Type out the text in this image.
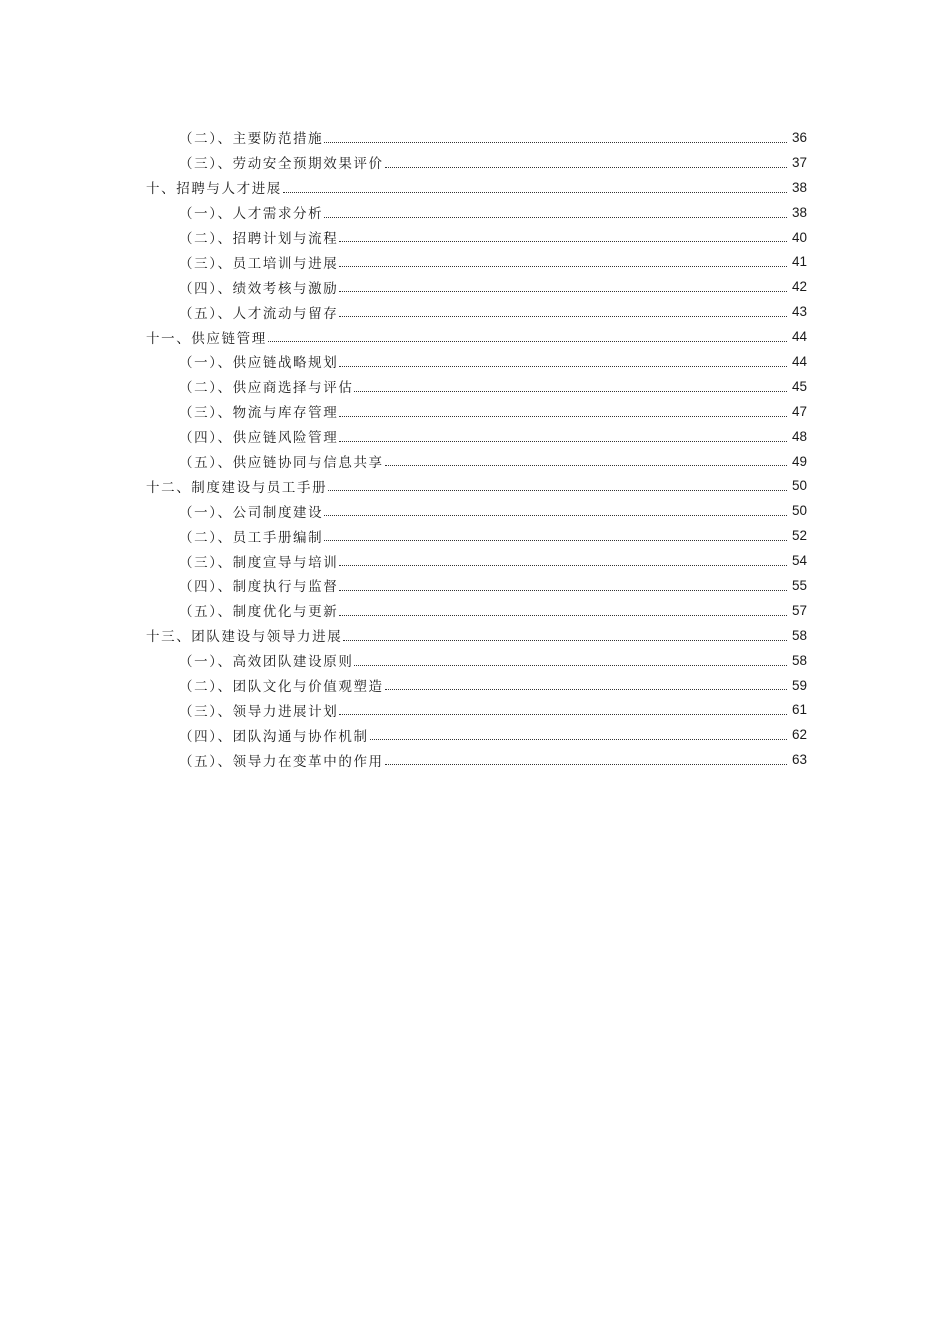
（二）、主要防范措施	36
（三）、劳动安全预期效果评价	37
十、招聘与人才进展	38
（一）、人才需求分析	38
（二）、招聘计划与流程	40
（三）、员工培训与进展	41
（四）、绩效考核与激励	42
（五）、人才流动与留存	43
十一、供应链管理	44
（一）、供应链战略规划	44
（二）、供应商选择与评估	45
（三）、物流与库存管理	47
（四）、供应链风险管理	48
（五）、供应链协同与信息共享	49
十二、制度建设与员工手册	50
（一）、公司制度建设	50
（二）、员工手册编制	52
（三）、制度宣导与培训	54
（四）、制度执行与监督	55
（五）、制度优化与更新	57
十三、团队建设与领导力进展	58
（一）、高效团队建设原则	58
（二）、团队文化与价值观塑造	59
（三）、领导力进展计划	61
（四）、团队沟通与协作机制	62
（五）、领导力在变革中的作用	63
